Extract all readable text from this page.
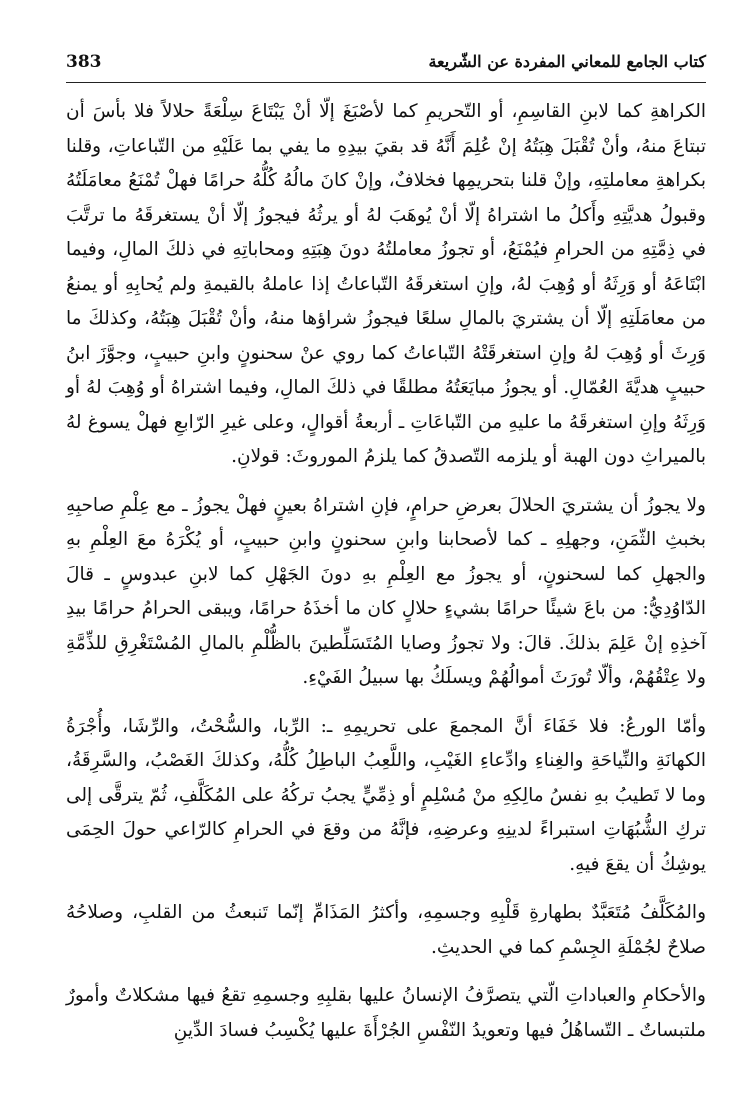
كتاب الجامع للمعاني المفردة عن الشّريعة
383

الكراهةِ كما لابنِ القاسِمِ، أو التّحريمِ كما لأصْبَغَ إلّا أنْ يَبْتَاعَ سِلْعَةً حلالاً فلا بأسَ أن تبتاعَ منهُ، وأنْ تُقْبَلَ هِبَتُهُ إنْ عُلِمَ أَنَّهُ قد بقيَ بيدِهِ ما يفي بما عَلَيْهِ من التّباعاتِ، وقلنا بكراهةِ معاملتِهِ، وإنْ قلنا بتحريمِها فخلافٌ، وإنْ كانَ مالُهُ كُلُّهُ حرامًا فهلْ تُمْنَعُ معامَلَتُهُ وقبولُ هديَّتِهِ وأَكلُ ما اشتراهُ إلّا أنْ يُوهَبَ لهُ أو يرثُهُ فيجوزُ إلّا أنْ يستغرقَهُ ما ترتَّبَ في ذِمَّتِهِ من الحرامِ فيُمْنَعُ، أو تجوزُ معاملتُهُ دونَ هِبَتِهِ ومحاباتِهِ في ذلكَ المالِ، وفيما ابْتَاعَهُ أو وَرِثَهُ أو وُهِبَ لهُ، وإنِ استغرقَهُ التّباعاتُ إذا عاملهُ بالقيمةِ ولم يُحابِهِ أو يمنعُ من معامَلَتِهِ إلّا أن يشتريَ بالمالِ سلعًا فيجوزُ شراؤها منهُ، وأنْ تُقْبَلَ هِبَتُهُ، وكذلكَ ما وَرِثَ أو وُهِبَ لهُ وإنِ استغرقَتْهُ التّباعاتُ كما روي عنْ سحنونٍ وابنِ حبيبٍ، وجوَّزَ ابنُ حبيبٍ هديَّةَ العُمّالِ. أو يجوزُ مبايَعَتُهُ مطلقًا في ذلكَ المالِ، وفيما اشتراهُ أو وُهِبَ لهُ أو وَرِثَهُ وإنِ استغرقَهُ ما عليهِ من التّباعَاتِ ـ أربعةُ أقوالٍ، وعلى غيرِ الرّابعِ فهلْ يسوغ لهُ بالميراثِ دون الهبة أو يلزمه التّصدقُ كما يلزمُ الموروثَ: قولانِ.

ولا يجوزُ أن يشتريَ الحلالَ بعرضِ حرامٍ، فإنِ اشتراهُ بعينٍ فهلْ يجوزُ ـ مع عِلْمِ صاحبِهِ بخبثِ الثّمَنِ، وجهلِهِ ـ كما لأصحابنا وابنِ سحنونٍ وابنِ حبيبٍ، أو يُكْرَهُ معَ العِلْمِ بهِ والجهلِ كما لسحنونٍ، أو يجوزُ مع العِلْمِ بهِ دونَ الجَهْلِ كما لابنِ عبدوسٍ ـ قالَ الدّاوُدِيُّ: من باعَ شيئًا حرامًا بشيءٍ حلالٍ كان ما أخذَهُ حرامًا، ويبقى الحرامُ حرامًا بيدِ آخذِهِ إنْ عَلِمَ بذلكَ. قالَ: ولا تجوزُ وصايا المُتَسَلِّطينَ بالظُّلْمِ بالمالِ المُسْتَغْرِقِ للذِّمَّةِ ولا عِتْقُهُمْ، وألّا تُورَثَ أموالُهُمْ ويسلَكُ بها سبيلُ الفَيْءِ.

وأمّا الورعُ: فلا خَفَاءَ أنَّ المجمعَ على تحريمِهِ ـ: الرِّبا، والسُّحْتُ، والرِّشَا، وأُجْرَةُ الكهانَةِ والنِّياحَةِ والغِناءِ وادِّعاءِ الغَيْبِ، واللَّعِبُ الباطِلُ كُلُّهُ، وكذلكَ الغَصْبُ، والسَّرِقَةُ، وما لا تَطيبُ بهِ نفسُ مالِكِهِ منْ مُسْلِمٍ أو ذِمِّيٍّ يجبُ تركُهُ على المُكَلَّفِ، ثُمّ يترقَّى إلى تركِ الشُّبُهَاتِ استبراءً لدينِهِ وعرضِهِ، فإنَّهُ من وقعَ في الحرامِ كالرّاعي حولَ الحِمَى يوشِكُ أن يقعَ فيهِ.

والمُكَلَّفُ مُتَعَبَّدٌ بطهارةِ قَلْبِهِ وجسمِهِ، وأكثرُ المَذَامِّ إنّما تَنبعثُ من القلبِ، وصلاحُهُ صلاحٌ لجُمْلَةِ الجِسْمِ كما في الحديثِ.

والأحكامِ والعباداتِ الّتي يتصرَّفُ الإنسانُ عليها بقلبِهِ وجسمِهِ تقعُ فيها مشكلاتٌ وأمورٌ ملتبساتٌ ـ التّساهُلُ فيها وتعويدُ النّفْسِ الجُرْأَةَ عليها يُكْسِبُ فسادَ الدِّينِ
